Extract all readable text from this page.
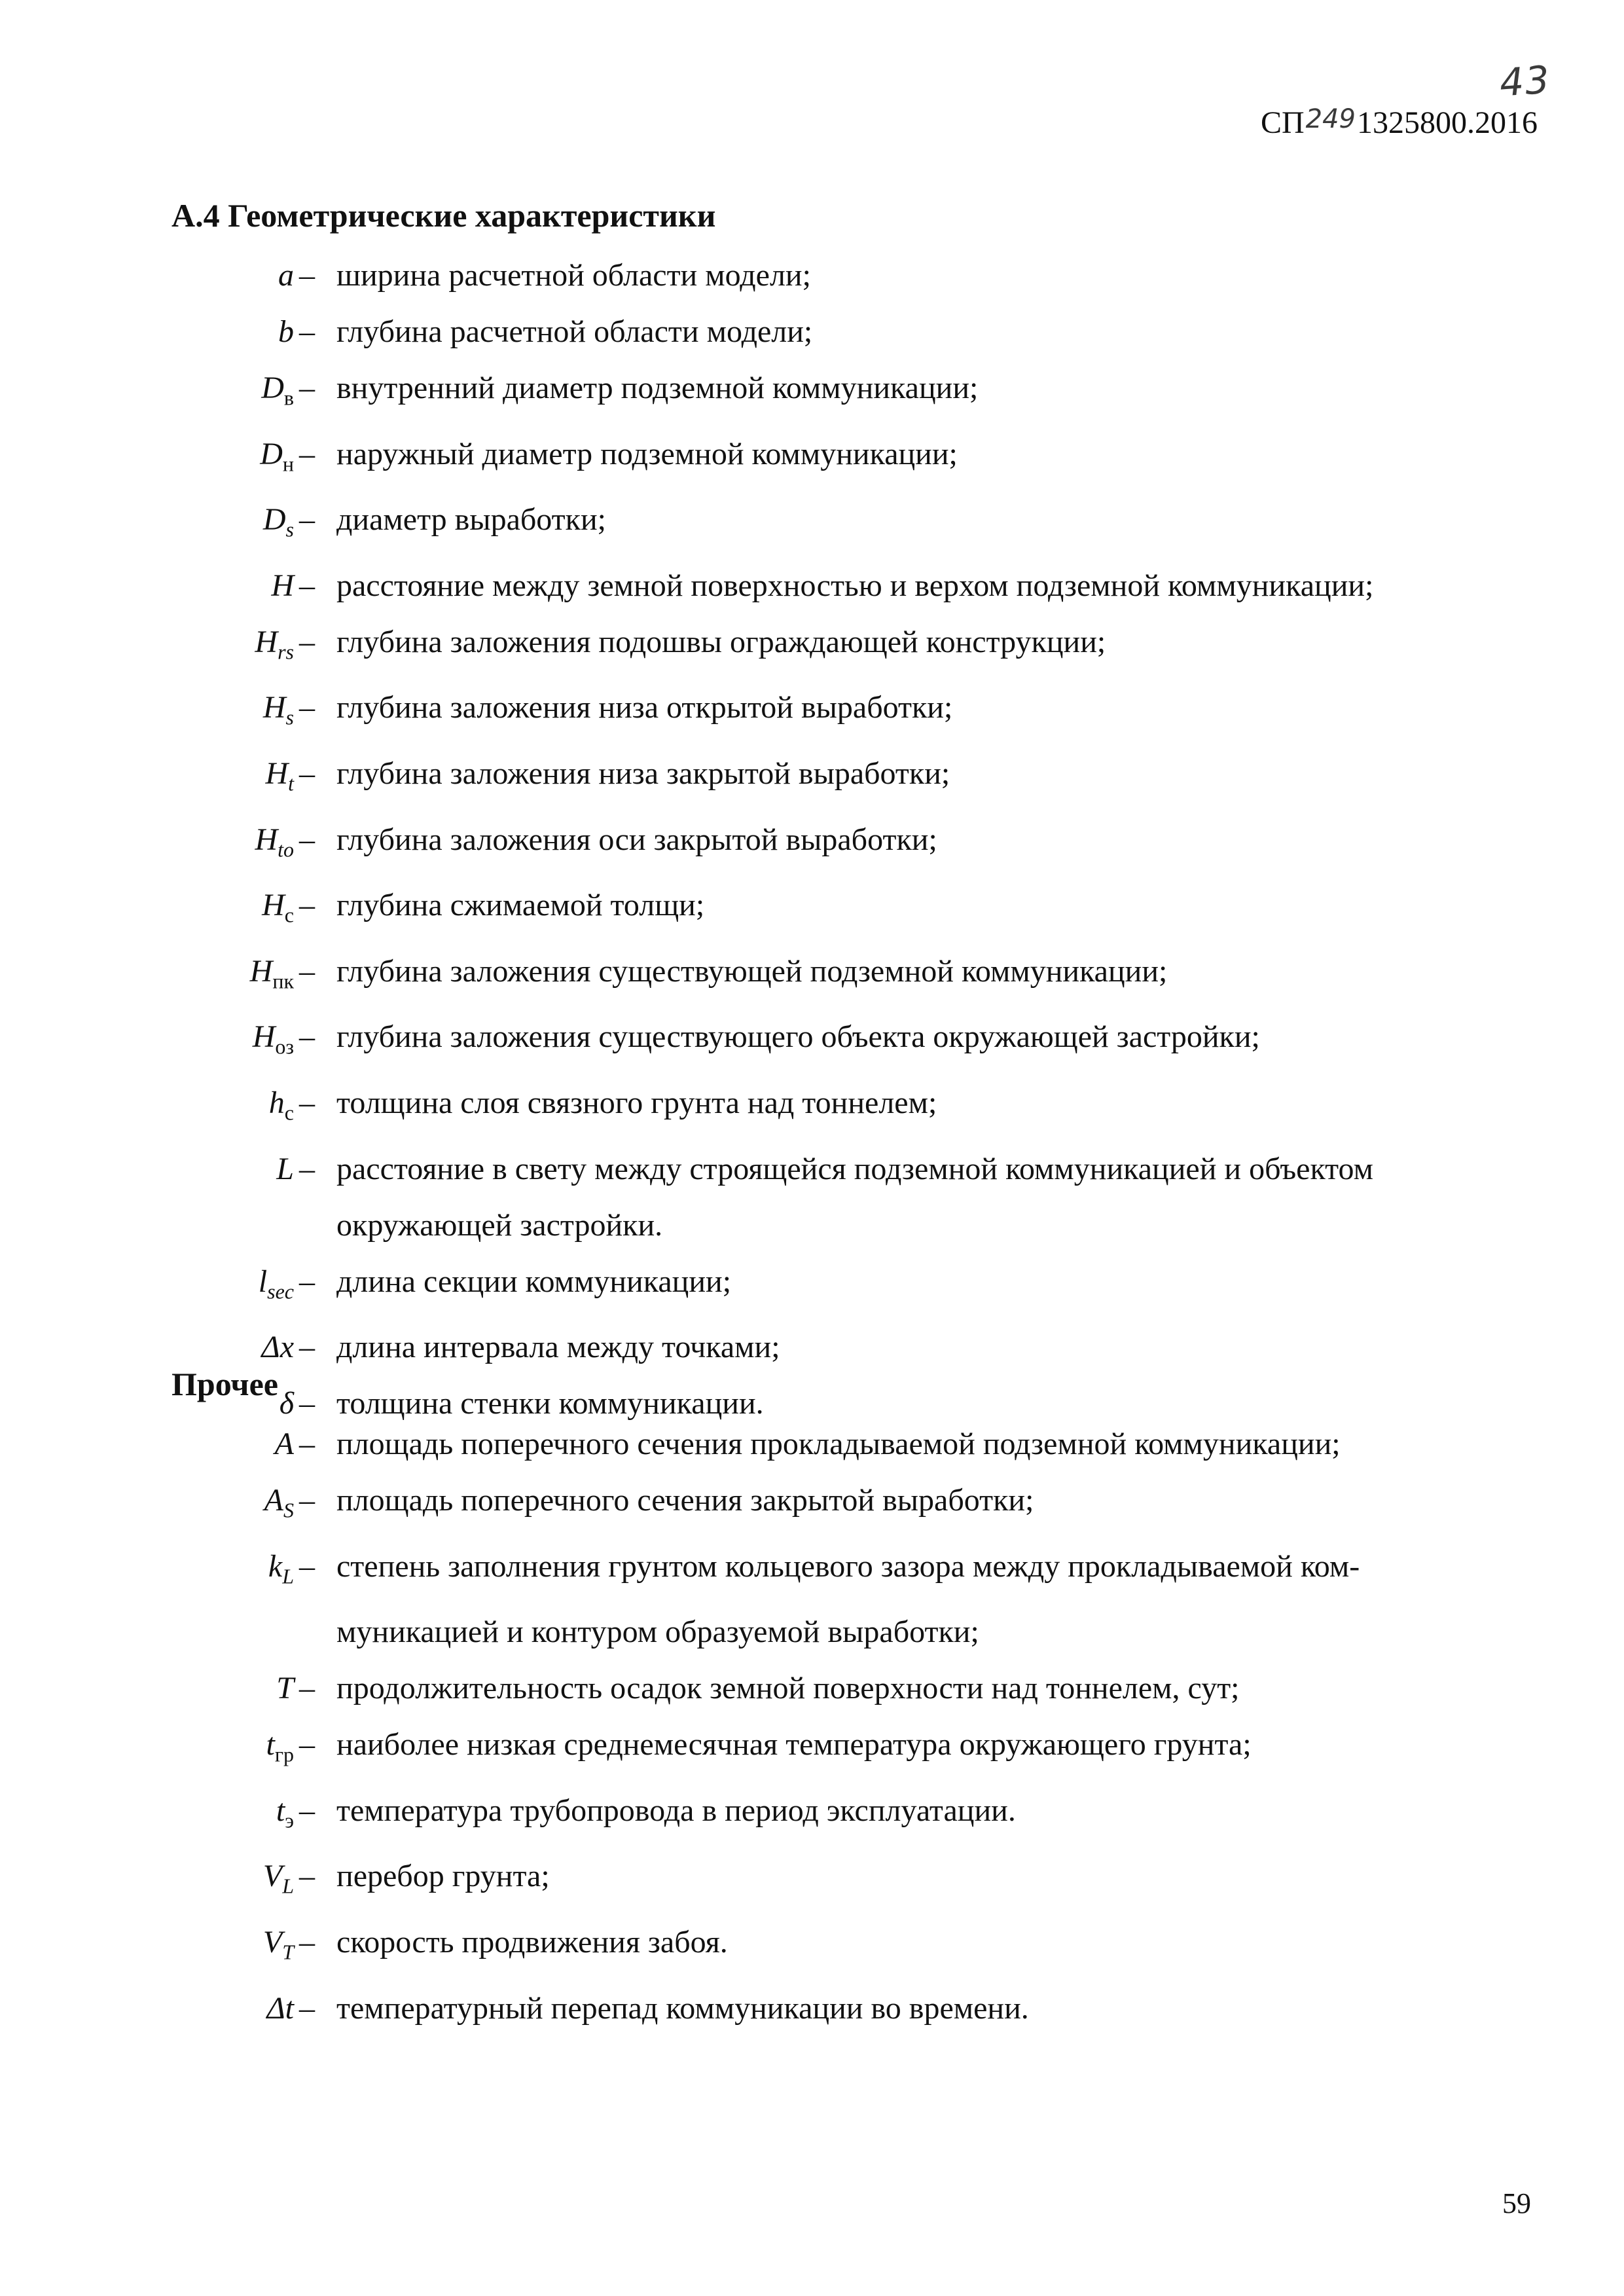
43
СП 249 1325800.2016
А.4 Геометрические характеристики
a – ширина расчетной области модели;
b – глубина расчетной области модели;
$D_в$ – внутренний диаметр подземной коммуникации;
$D_н$ – наружный диаметр подземной коммуникации;
$D_s$ – диаметр выработки;
H – расстояние между земной поверхностью и верхом подземной коммуникации;
$H_{rs}$ – глубина заложения подошвы ограждающей конструкции;
$H_s$ – глубина заложения низа открытой выработки;
$H_t$ – глубина заложения низа закрытой выработки;
$H_{to}$ – глубина заложения оси закрытой выработки;
$H_c$ – глубина сжимаемой толщи;
$H_{пк}$ – глубина заложения существующей подземной коммуникации;
$H_{оз}$ – глубина заложения существующего объекта окружающей застройки;
$h_c$ – толщина слоя связного грунта над тоннелем;
L – расстояние в свету между строящейся подземной коммуникацией и объектом
окружающей застройки.
$l_{sec}$ – длина секции коммуникации;
Δx – длина интервала между точками;
δ – толщина стенки коммуникации.
Прочее
A – площадь поперечного сечения прокладываемой подземной коммуникации;
$A_S$ – площадь поперечного сечения закрытой выработки;
$k_L$ – степень заполнения грунтом кольцевого зазора между прокладываемой ком-
муникацией и контуром образуемой выработки;
T – продолжительность осадок земной поверхности над тоннелем, сут;
$t_{гр}$ – наиболее низкая среднемесячная температура окружающего грунта;
$t_э$ – температура трубопровода в период эксплуатации.
$V_L$ – перебор грунта;
$V_T$ – скорость продвижения забоя.
Δt – температурный перепад коммуникации во времени.
59
